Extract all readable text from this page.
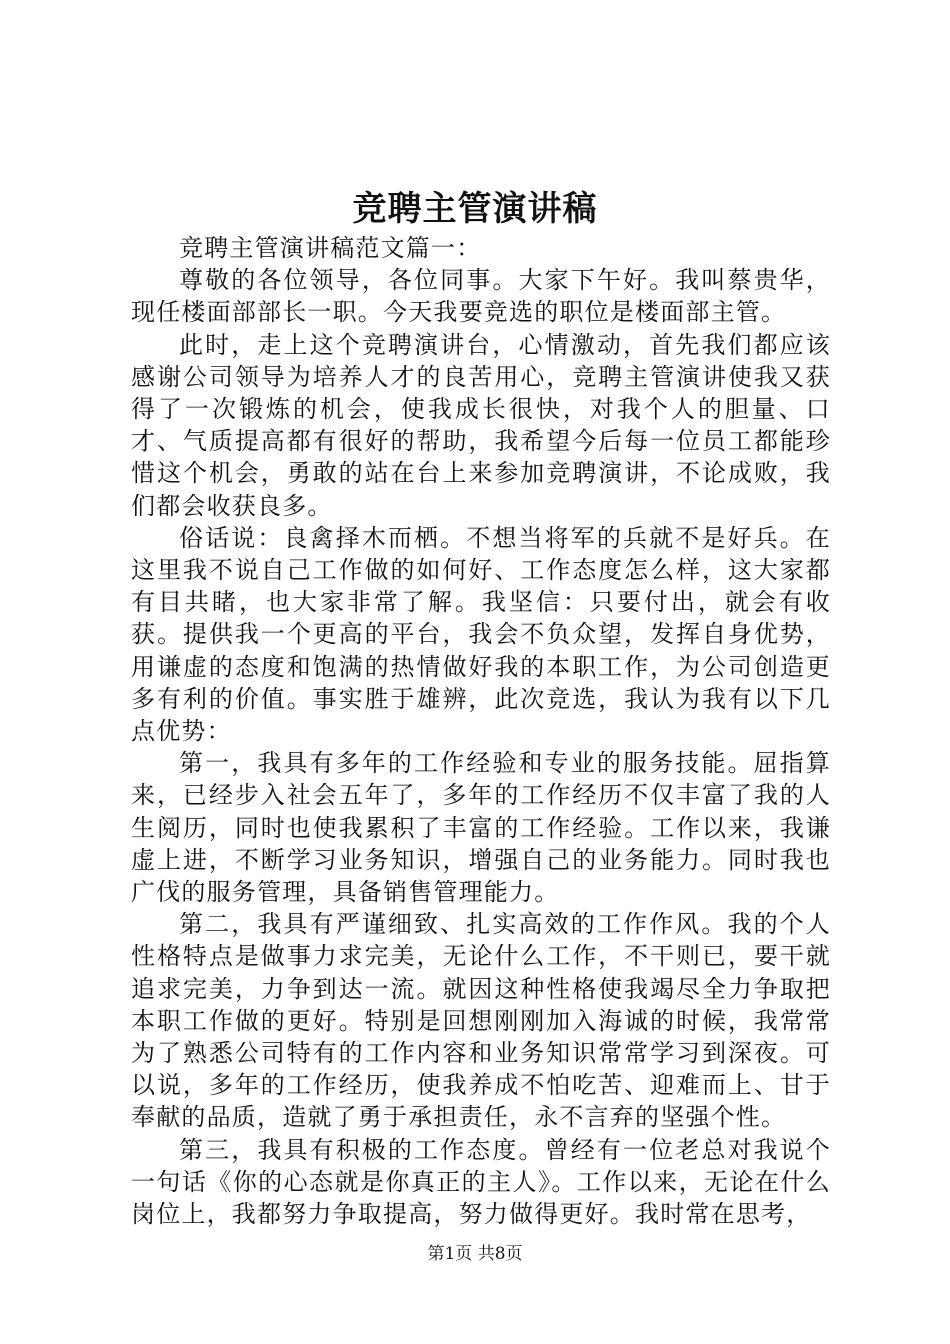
竞聘主管演讲稿

竞聘主管演讲稿范文篇一：

尊敬的各位领导，各位同事。大家下午好。我叫蔡贵华，现任楼面部部长一职。今天我要竞选的职位是楼面部主管。

此时，走上这个竞聘演讲台，心情激动，首先我们都应该感谢公司领导为培养人才的良苦用心，竞聘主管演讲使我又获得了一次锻炼的机会，使我成长很快，对我个人的胆量、口才、气质提高都有很好的帮助，我希望今后每一位员工都能珍惜这个机会，勇敢的站在台上来参加竞聘演讲，不论成败，我们都会收获良多。

俗话说：良禽择木而栖。不想当将军的兵就不是好兵。在这里我不说自己工作做的如何好、工作态度怎么样，这大家都有目共睹，也大家非常了解。我坚信：只要付出，就会有收获。提供我一个更高的平台，我会不负众望，发挥自身优势，用谦虚的态度和饱满的热情做好我的本职工作，为公司创造更多有利的价值。事实胜于雄辨，此次竞选，我认为我有以下几点优势：

第一，我具有多年的工作经验和专业的服务技能。屈指算来，已经步入社会五年了，多年的工作经历不仅丰富了我的人生阅历，同时也使我累积了丰富的工作经验。工作以来，我谦虚上进，不断学习业务知识，增强自己的业务能力。同时我也广伐的服务管理，具备销售管理能力。

第二，我具有严谨细致、扎实高效的工作作风。我的个人性格特点是做事力求完美，无论什么工作，不干则已，要干就追求完美，力争到达一流。就因这种性格使我竭尽全力争取把本职工作做的更好。特别是回想刚刚加入海诚的时候，我常常为了熟悉公司特有的工作内容和业务知识常常学习到深夜。可以说，多年的工作经历，使我养成不怕吃苦、迎难而上、甘于奉献的品质，造就了勇于承担责任，永不言弃的坚强个性。

第三，我具有积极的工作态度。曾经有一位老总对我说个一句话《你的心态就是你真正的主人》。工作以来，无论在什么岗位上，我都努力争取提高，努力做得更好。我时常在思考，

第1页 共8页
